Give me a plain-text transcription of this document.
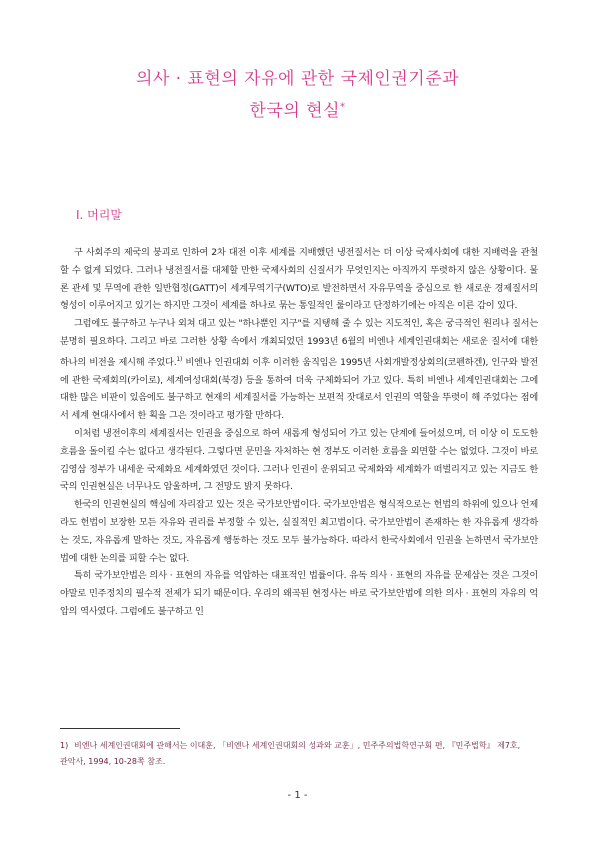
의사 · 표현의 자유에 관한 국제인권기준과
한국의 현실*
Ⅰ. 머리말

구 사회주의 제국의 붕괴로 인하여 2차 대전 이후 세계를 지배했던 냉전질서는 더 이상 국제사회에 대한 지배력을 관철할 수 없게 되었다. 그러나 냉전질서를 대체할 만한 국제사회의 신질서가 무엇인지는 아직까지 뚜렷하지 않은 상황이다. 물론 관세 및 무역에 관한 일반협정(GATT)이 세계무역기구(WTO)로 발전하면서 자유무역을 중심으로 한 새로운 경제질서의 형성이 이루어지고 있기는 하지만 그것이 세계를 하나로 묶는 통일적인 룰이라고 단정하기에는 아직은 이른 감이 있다.

그럼에도 불구하고 누구나 외쳐 대고 있는 "하나뿐인 지구"를 지탱해 줄 수 있는 지도적인, 혹은 궁극적인 원리나 질서는 분명히 필요하다. 그리고 바로 그러한 상황 속에서 개최되었던 1993년 6월의 비엔나 세계인권대회는 새로운 질서에 대한 하나의 비전을 제시해 주었다.$^{1)}$ 비엔나 인권대회 이후 이러한 움직임은 1995년 사회개발정상회의(코펜하겐), 인구와 발전에 관한 국제회의(카이로), 세계여성대회(북경) 등을 통하여 더욱 구체화되어 가고 있다. 특히 비엔나 세계인권대회는 그에 대한 많은 비판이 있음에도 불구하고 현재의 세계질서를 가능하는 보편적 잣대로서 인권의 역할을 뚜렷이 해 주었다는 점에서 세계 현대사에서 한 획을 그은 것이라고 평가할 만하다.

이처럼 냉전이후의 세계질서는 인권을 중심으로 하여 새롭게 형성되어 가고 있는 단계에 들어섰으며, 더 이상 이 도도한 흐름을 돌이킬 수는 없다고 생각된다. 그렇다면 문민을 자처하는 현 정부도 이러한 흐름을 외면할 수는 없었다. 그것이 바로 김영삼 정부가 내세운 국제화요 세계화였던 것이다. 그러나 인권이 운위되고 국제화와 세계화가 떠벌리지고 있는 지금도 한국의 인권현실은 너무나도 암울하며, 그 전망도 밝지 못하다.

한국의 인권현실의 핵심에 자리잡고 있는 것은 국가보안법이다. 국가보안법은 형식적으로는 헌법의 하위에 있으나 언제라도 헌법이 보장한 모든 자유와 권리를 부정할 수 있는, 실질적인 최고법이다. 국가보안법이 존재하는 한 자유롭게 생각하는 것도, 자유롭게 말하는 것도, 자유롭게 행동하는 것도 모두 불가능하다. 따라서 한국사회에서 인권을 논하면서 국가보안법에 대한 논의를 피할 수는 없다.

특히 국가보안법은 의사 · 표현의 자유를 억압하는 대표적인 법률이다. 유독 의사 · 표현의 자유를 문제삼는 것은 그것이야말로 민주정치의 필수적 전제가 되기 때문이다. 우리의 왜곡된 현정사는 바로 국가보안법에 의한 의사 · 표현의 자유의 억압의 역사였다. 그럼에도 불구하고 인

1) 비엔나 세계인권대회에 관해서는 이대훈, 「비엔나 세계인권대회의 성과와 교훈」, 민주주의법학연구회 편, 『민주법학』 제7호, 관악사, 1994, 10-28쪽 참조.
- 1 -
